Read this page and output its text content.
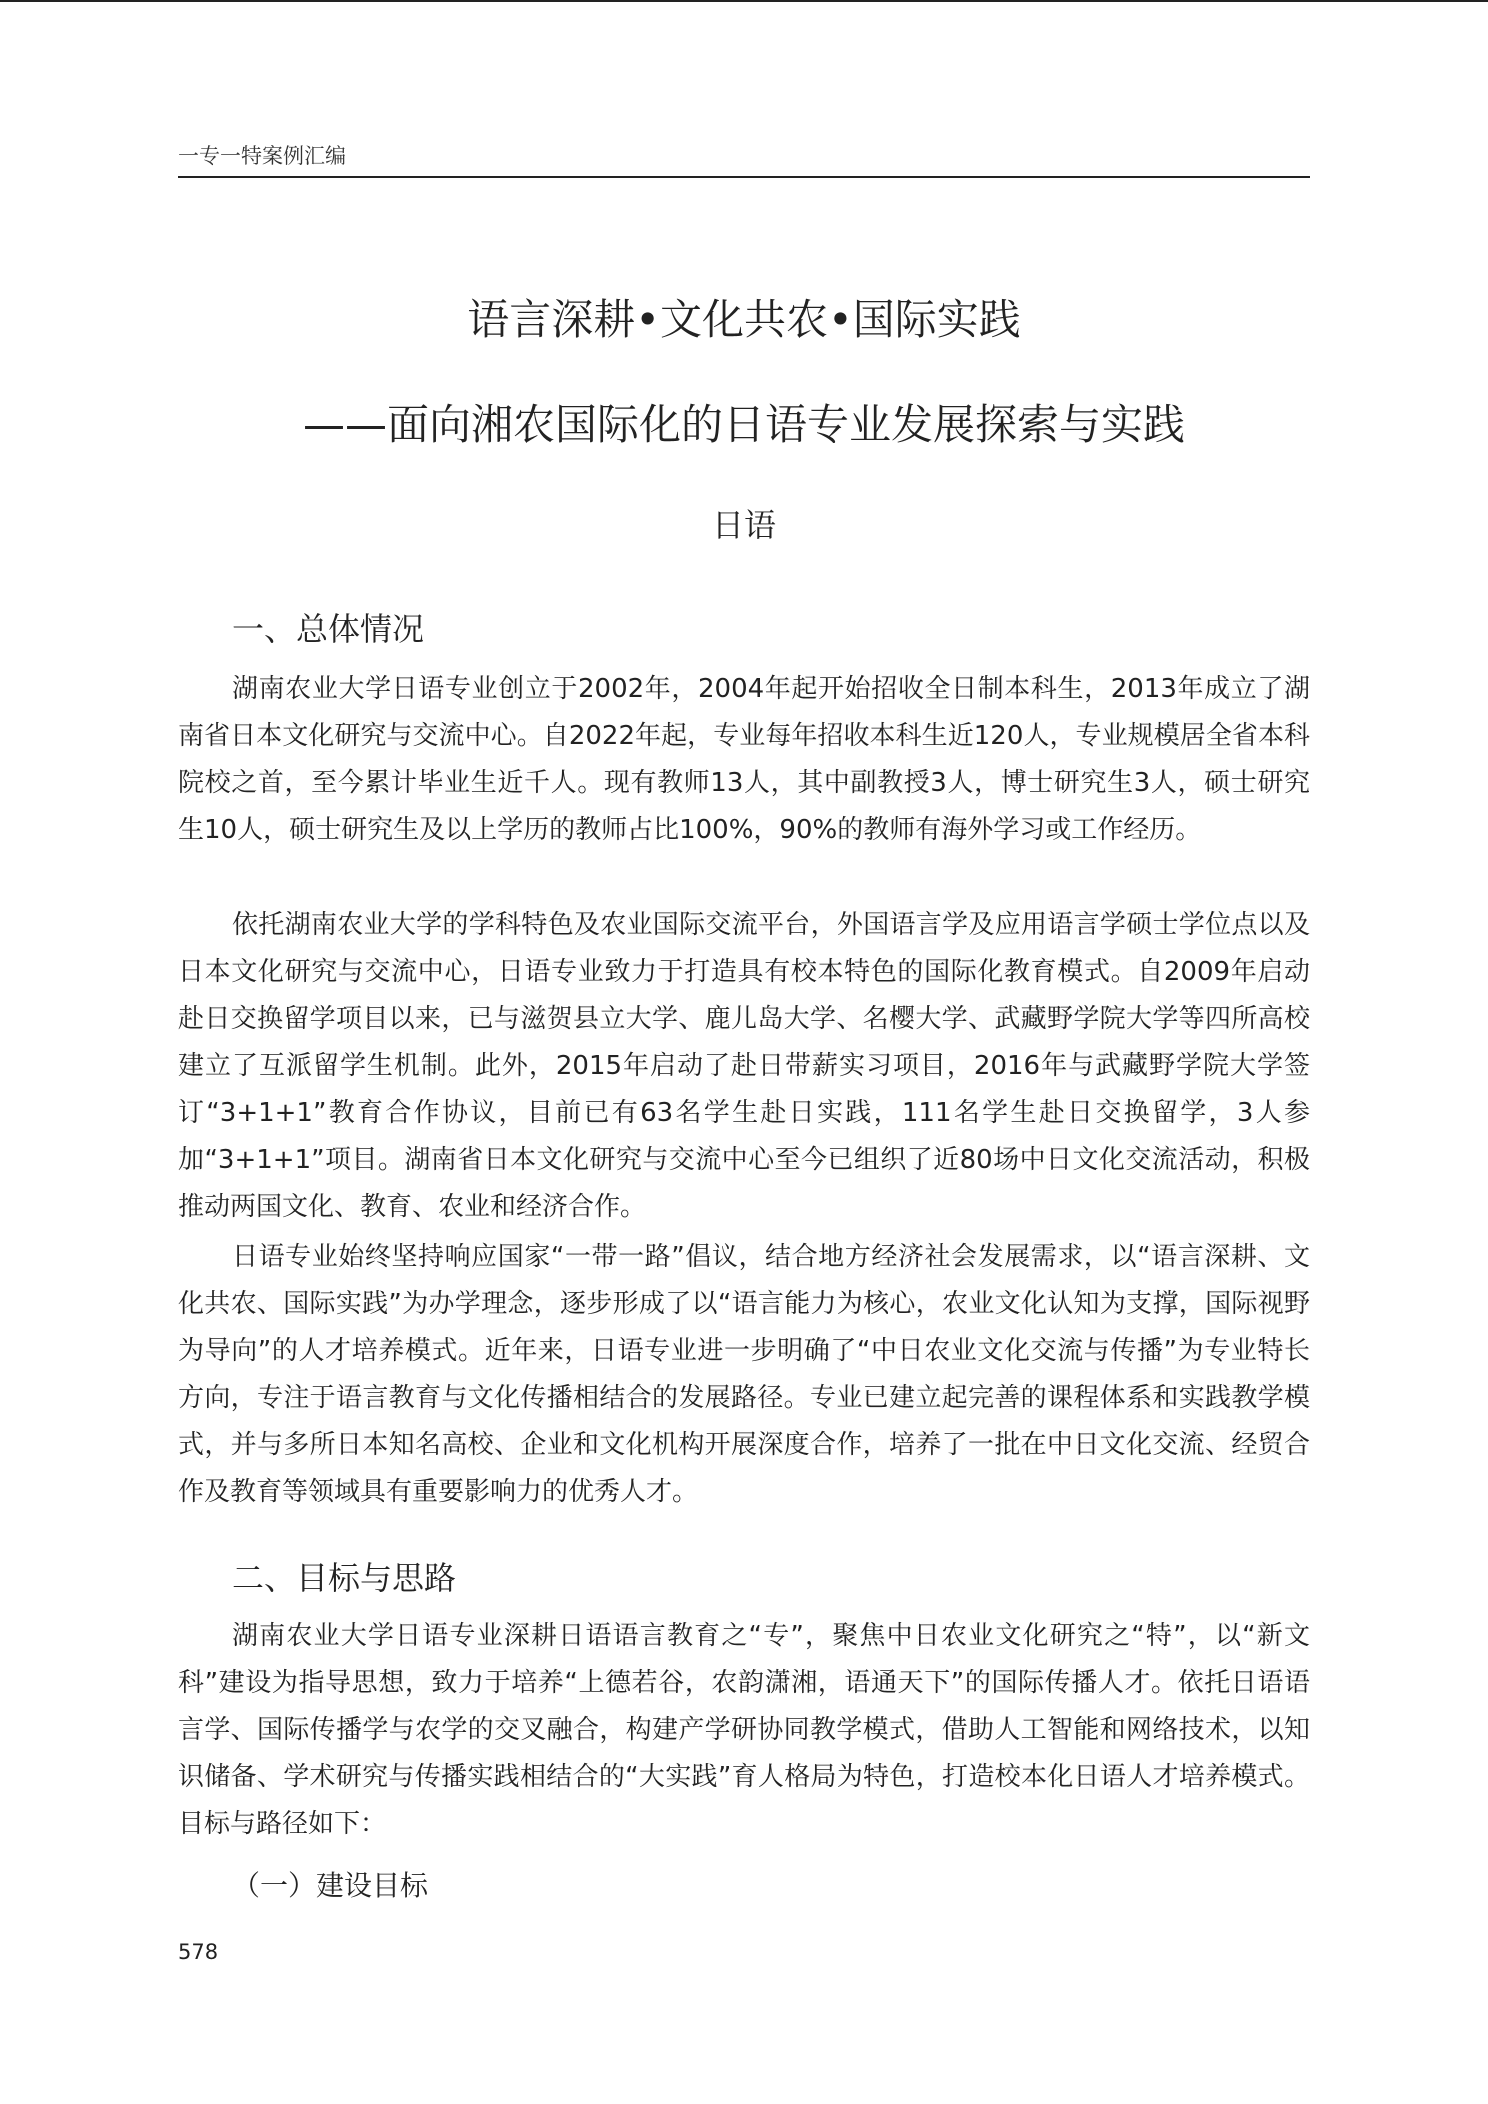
一专一特案例汇编
语言深耕•文化共农•国际实践
——面向湘农国际化的日语专业发展探索与实践
日语
一、总体情况

湖南农业大学日语专业创立于2002年，2004年起开始招收全日制本科生，2013年成立了湖南省日本文化研究与交流中心。自2022年起，专业每年招收本科生近120人，专业规模居全省本科院校之首，至今累计毕业生近千人。现有教师13人，其中副教授3人，博士研究生3人，硕士研究生10人，硕士研究生及以上学历的教师占比100%，90%的教师有海外学习或工作经历。

依托湖南农业大学的学科特色及农业国际交流平台，外国语言学及应用语言学硕士学位点以及日本文化研究与交流中心，日语专业致力于打造具有校本特色的国际化教育模式。自2009年启动赴日交换留学项目以来，已与滋贺县立大学、鹿儿岛大学、名樱大学、武藏野学院大学等四所高校建立了互派留学生机制。此外，2015年启动了赴日带薪实习项目，2016年与武藏野学院大学签订“3+1+1”教育合作协议，目前已有63名学生赴日实践，111名学生赴日交换留学，3人参加“3+1+1”项目。湖南省日本文化研究与交流中心至今已组织了近80场中日文化交流活动，积极推动两国文化、教育、农业和经济合作。

日语专业始终坚持响应国家“一带一路”倡议，结合地方经济社会发展需求，以“语言深耕、文化共农、国际实践”为办学理念，逐步形成了以“语言能力为核心，农业文化认知为支撑，国际视野为导向”的人才培养模式。近年来，日语专业进一步明确了“中日农业文化交流与传播”为专业特长方向，专注于语言教育与文化传播相结合的发展路径。专业已建立起完善的课程体系和实践教学模式，并与多所日本知名高校、企业和文化机构开展深度合作，培养了一批在中日文化交流、经贸合作及教育等领域具有重要影响力的优秀人才。

二、目标与思路

湖南农业大学日语专业深耕日语语言教育之“专”，聚焦中日农业文化研究之“特”，以“新文科”建设为指导思想，致力于培养“上德若谷，农韵潇湘，语通天下”的国际传播人才。依托日语语言学、国际传播学与农学的交叉融合，构建产学研协同教学模式，借助人工智能和网络技术，以知识储备、学术研究与传播实践相结合的“大实践”育人格局为特色，打造校本化日语人才培养模式。目标与路径如下：

（一）建设目标
578
